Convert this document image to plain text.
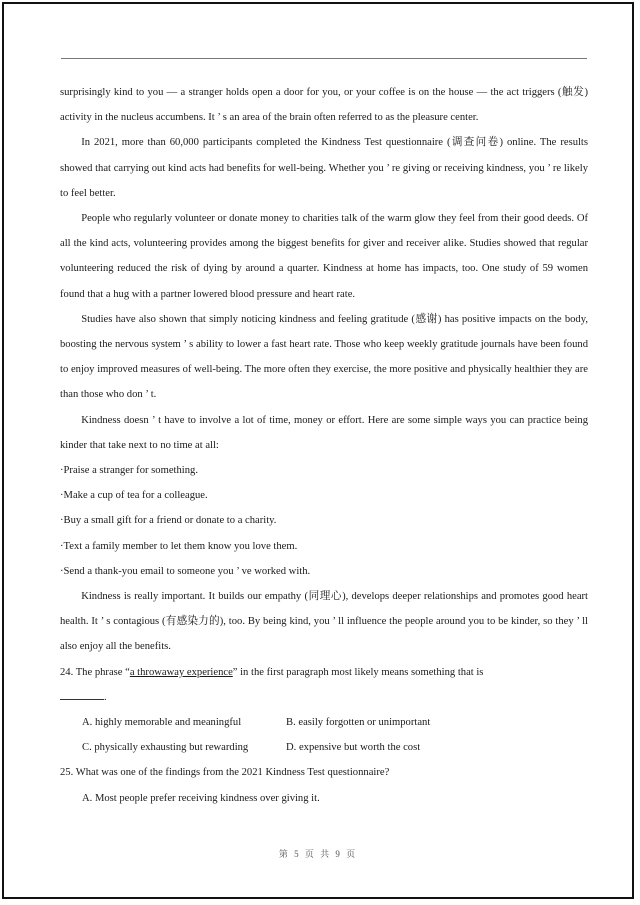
surprisingly kind to you — a stranger holds open a door for you, or your coffee is on the house — the act triggers (触发) activity in the nucleus accumbens. It ’ s an area of the brain often referred to as the pleasure center.

In 2021, more than 60,000 participants completed the Kindness Test questionnaire (调查问卷) online. The results showed that carrying out kind acts had benefits for well-being. Whether you ’ re giving or receiving kindness, you ’ re likely to feel better.

People who regularly volunteer or donate money to charities talk of the warm glow they feel from their good deeds. Of all the kind acts, volunteering provides among the biggest benefits for giver and receiver alike. Studies showed that regular volunteering reduced the risk of dying by around a quarter. Kindness at home has impacts, too. One study of 59 women found that a hug with a partner lowered blood pressure and heart rate.

Studies have also shown that simply noticing kindness and feeling gratitude (感谢) has positive impacts on the body, boosting the nervous system ’ s ability to lower a fast heart rate. Those who keep weekly gratitude journals have been found to enjoy improved measures of well-being. The more often they exercise, the more positive and physically healthier they are than those who don ’ t.

Kindness doesn ’ t have to involve a lot of time, money or effort. Here are some simple ways you can practice being kinder that take next to no time at all:

·Praise a stranger for something.
·Make a cup of tea for a colleague.
·Buy a small gift for a friend or donate to a charity.
·Text a family member to let them know you love them.
·Send a thank-you email to someone you ’ ve worked with.

Kindness is really important. It builds our empathy (同理心), develops deeper relationships and promotes good heart health. It ’ s contagious (有感染力的), too. By being kind, you ’ ll influence the people around you to be kinder, so they ’ ll also enjoy all the benefits.

24. The phrase “a throwaway experience” in the first paragraph most likely means something that is
.
A. highly memorable and meaningful	B. easily forgotten or unimportant
C. physically exhausting but rewarding	D. expensive but worth the cost
25. What was one of the findings from the 2021 Kindness Test questionnaire?
A. Most people prefer receiving kindness over giving it.
第 5 页 共 9 页
